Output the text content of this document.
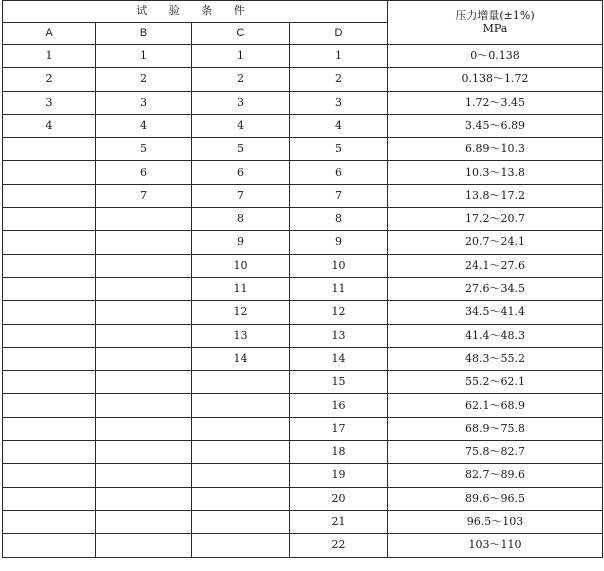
试 验 条 件				压力增量(±1%)
MPa

A	B	C	D	
1	1	1	1	0～0.138
2	2	2	2	0.138～1.72
3	3	3	3	1.72～3.45
4	4	4	4	3.45～6.89
	5	5	5	6.89～10.3
	6	6	6	10.3～13.8
	7	7	7	13.8～17.2
		8	8	17.2～20.7
		9	9	20.7～24.1
		10	10	24.1～27.6
		11	11	27.6～34.5
		12	12	34.5～41.4
		13	13	41.4～48.3
		14	14	48.3～55.2
			15	55.2～62.1
			16	62.1～68.9
			17	68.9～75.8
			18	75.8～82.7
			19	82.7～89.6
			20	89.6～96.5
			21	96.5～103
			22	103～110
